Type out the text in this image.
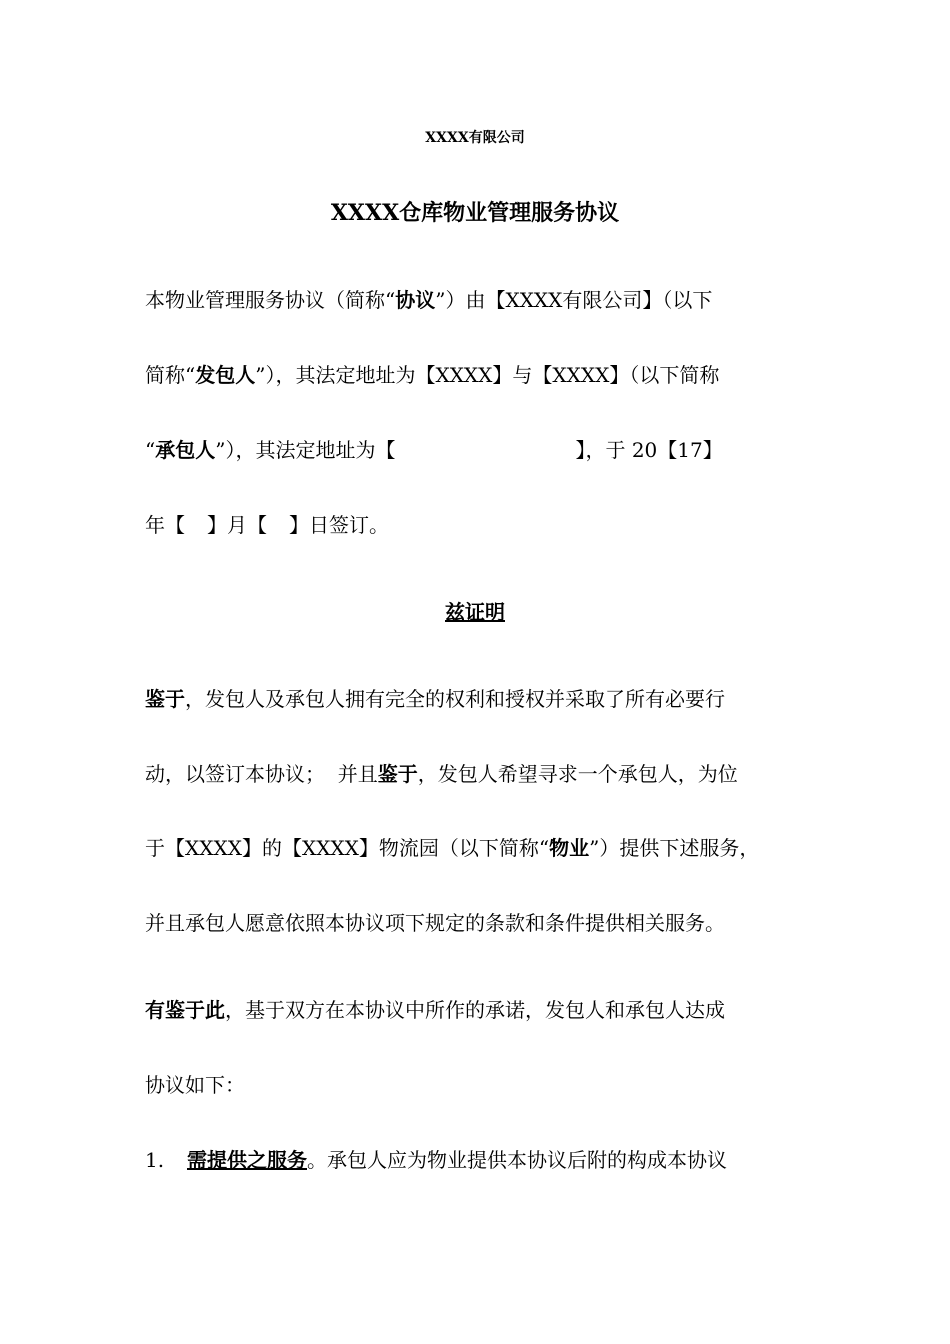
XXXX有限公司
XXXX仓库物业管理服务协议
本物业管理服务协议（简称“协议”）由【XXXX有限公司】（以下
简称“发包人”），其法定地址为【XXXX】与【XXXX】（以下简称
“承包人”），其法定地址为【	】，于 20【17】
年【 】月【 】日签订。
兹证明
鉴于，发包人及承包人拥有完全的权利和授权并采取了所有必要行
动，以签订本协议；  并且鉴于，发包人希望寻求一个承包人，为位
于【XXXX】的【XXXX】物流园（以下简称“物业”）提供下述服务，
并且承包人愿意依照本协议项下规定的条款和条件提供相关服务。
有鉴于此，基于双方在本协议中所作的承诺，发包人和承包人达成
协议如下：
1. 需提供之服务。承包人应为物业提供本协议后附的构成本协议
